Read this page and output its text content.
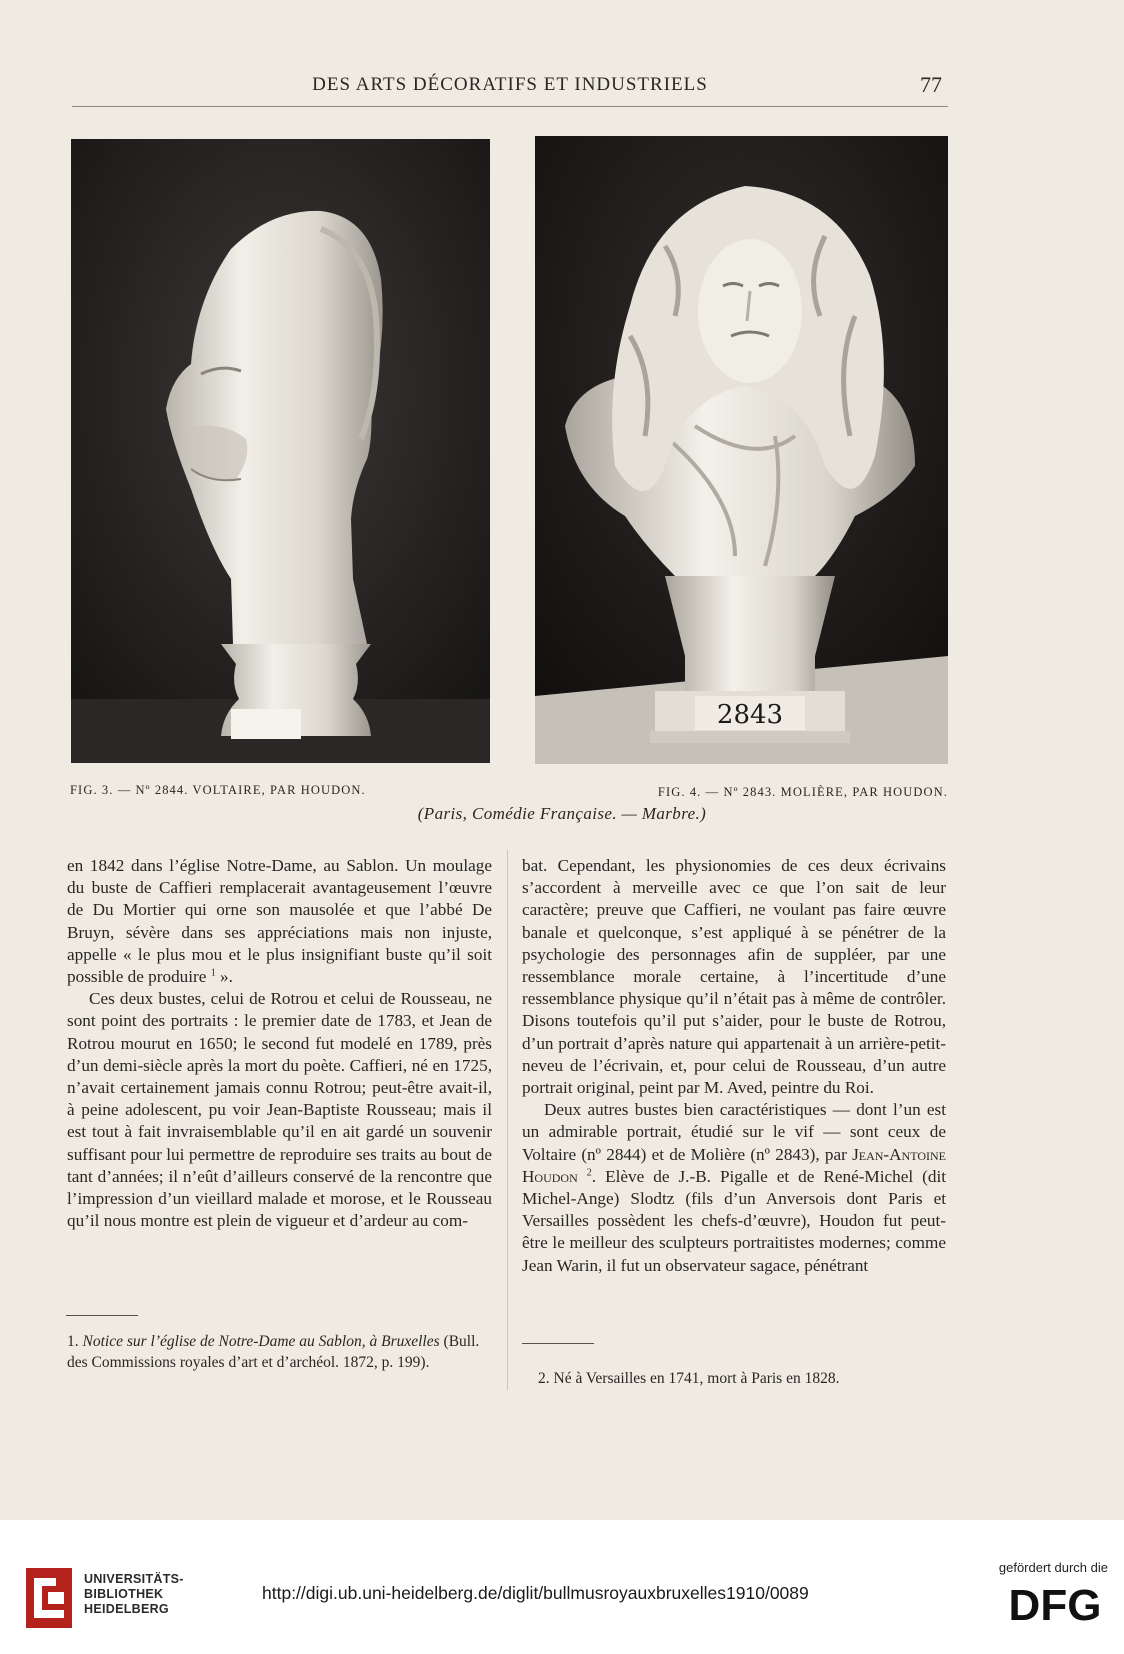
DES ARTS DÉCORATIFS ET INDUSTRIELS	77
2843
FIG. 3. — Nº 2844. VOLTAIRE, PAR HOUDON.	FIG. 4. — Nº 2843. MOLIÈRE, PAR HOUDON.
(Paris, Comédie Française. — Marbre.)

en 1842 dans l’église Notre-Dame, au Sablon. Un moulage du buste de Caffieri remplacerait avantageusement l’œuvre de Du Mortier qui orne son mausolée et que l’abbé De Bruyn, sévère dans ses appréciations mais non injuste, appelle « le plus mou et le plus insignifiant buste qu’il soit possible de produire $^1$ ».

Ces deux bustes, celui de Rotrou et celui de Rousseau, ne sont point des portraits : le premier date de 1783, et Jean de Rotrou mourut en 1650; le second fut modelé en 1789, près d’un demi-siècle après la mort du poète. Caffieri, né en 1725, n’avait certainement jamais connu Rotrou; peut-être avait-il, à peine adolescent, pu voir Jean-Baptiste Rousseau; mais il est tout à fait invraisemblable qu’il en ait gardé un souvenir suffisant pour lui permettre de reproduire ses traits au bout de tant d’années; il n’eût d’ailleurs conservé de la rencontre que l’impression d’un vieillard malade et morose, et le Rousseau qu’il nous montre est plein de vigueur et d’ardeur au com-

bat. Cependant, les physionomies de ces deux écrivains s’accordent à merveille avec ce que l’on sait de leur caractère; preuve que Caffieri, ne voulant pas faire œuvre banale et quelconque, s’est appliqué à se pénétrer de la psychologie des personnages afin de suppléer, par une ressemblance morale certaine, à l’incertitude d’une ressemblance physique qu’il n’était pas à même de contrôler. Disons toutefois qu’il put s’aider, pour le buste de Rotrou, d’un portrait d’après nature qui appartenait à un arrière-petit-neveu de l’écrivain, et, pour celui de Rousseau, d’un autre portrait original, peint par M. Aved, peintre du Roi.

Deux autres bustes bien caractéristiques — dont l’un est un admirable portrait, étudié sur le vif — sont ceux de Voltaire (nº 2844) et de Molière (nº 2843), par Jean-Antoine Houdon $^2$. Elève de J.-B. Pigalle et de René-Michel (dit Michel-Ange) Slodtz (fils d’un Anversois dont Paris et Versailles possèdent les chefs-d’œuvre), Houdon fut peut-être le meilleur des sculpteurs portraitistes modernes; comme Jean Warin, il fut un observateur sagace, pénétrant

1. Notice sur l’église de Notre-Dame au Sablon, à Bruxelles (Bull. des Commissions royales d’art et d’archéol. 1872, p. 199).
2. Né à Versailles en 1741, mort à Paris en 1828.
UNIVERSITÄTS-
BIBLIOTHEK
HEIDELBERG
http://digi.ub.uni-heidelberg.de/diglit/bullmusroyauxbruxelles1910/0089
gefördert durch die
DFG
